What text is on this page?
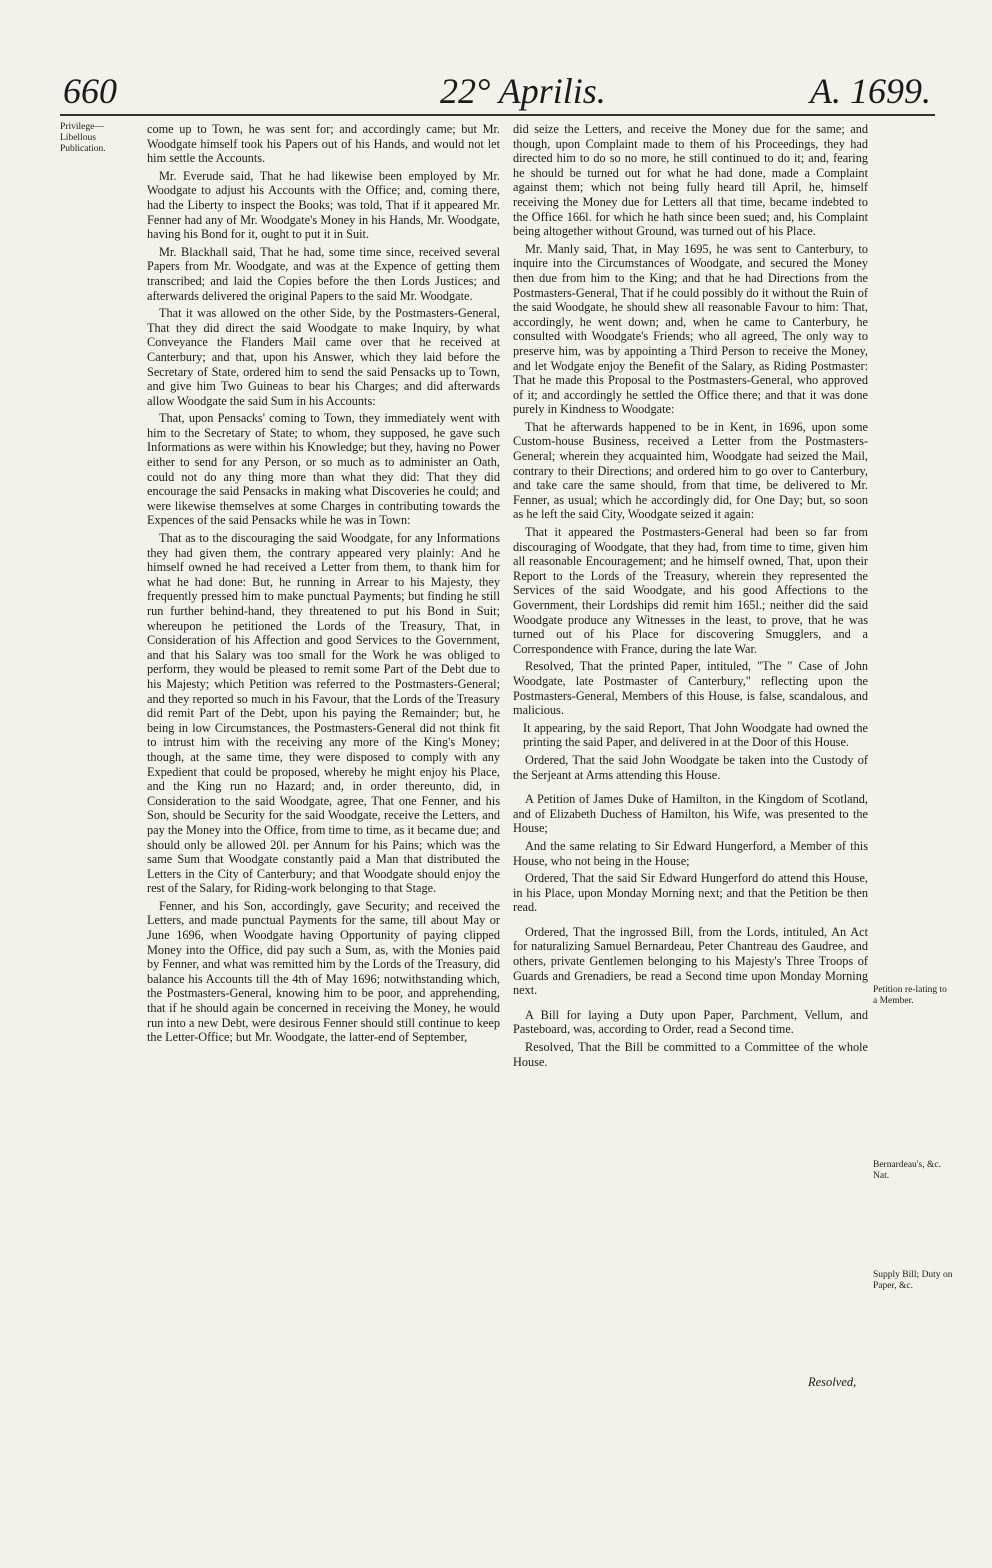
660	22° Aprilis.	A. 1699.
Privilege— Libellous Publication.
Petition re-lating to a Member.
Bernardeau's, &c. Nat.
Supply Bill; Duty on Paper, &c.

come up to Town, he was sent for; and accordingly came; but Mr. Woodgate himself took his Papers out of his Hands, and would not let him settle the Accounts.

Mr. Everude said, That he had likewise been employed by Mr. Woodgate to adjust his Accounts with the Office; and, coming there, had the Liberty to inspect the Books; was told, That if it appeared Mr. Fenner had any of Mr. Woodgate's Money in his Hands, Mr. Woodgate, having his Bond for it, ought to put it in Suit.

Mr. Blackhall said, That he had, some time since, received several Papers from Mr. Woodgate, and was at the Expence of getting them transcribed; and laid the Copies before the then Lords Justices; and afterwards delivered the original Papers to the said Mr. Woodgate.

That it was allowed on the other Side, by the Postmasters-General, That they did direct the said Woodgate to make Inquiry, by what Conveyance the Flanders Mail came over that he received at Canterbury; and that, upon his Answer, which they laid before the Secretary of State, ordered him to send the said Pensacks up to Town, and give him Two Guineas to bear his Charges; and did afterwards allow Woodgate the said Sum in his Accounts:

That, upon Pensacks' coming to Town, they immediately went with him to the Secretary of State; to whom, they supposed, he gave such Informations as were within his Knowledge; but they, having no Power either to send for any Person, or so much as to administer an Oath, could not do any thing more than what they did: That they did encourage the said Pensacks in making what Discoveries he could; and were likewise themselves at some Charges in contributing towards the Expences of the said Pensacks while he was in Town:

That as to the discouraging the said Woodgate, for any Informations they had given them, the contrary appeared very plainly: And he himself owned he had received a Letter from them, to thank him for what he had done: But, he running in Arrear to his Majesty, they frequently pressed him to make punctual Payments; but finding he still run further behind-hand, they threatened to put his Bond in Suit; whereupon he petitioned the Lords of the Treasury, That, in Consideration of his Affection and good Services to the Government, and that his Salary was too small for the Work he was obliged to perform, they would be pleased to remit some Part of the Debt due to his Majesty; which Petition was referred to the Postmasters-General; and they reported so much in his Favour, that the Lords of the Treasury did remit Part of the Debt, upon his paying the Remainder; but, he being in low Circumstances, the Postmasters-General did not think fit to intrust him with the receiving any more of the King's Money; though, at the same time, they were disposed to comply with any Expedient that could be proposed, whereby he might enjoy his Place, and the King run no Hazard; and, in order thereunto, did, in Consideration to the said Woodgate, agree, That one Fenner, and his Son, should be Security for the said Woodgate, receive the Letters, and pay the Money into the Office, from time to time, as it became due; and should only be allowed 20l. per Annum for his Pains; which was the same Sum that Woodgate constantly paid a Man that distributed the Letters in the City of Canterbury; and that Woodgate should enjoy the rest of the Salary, for Riding-work belonging to that Stage.

Fenner, and his Son, accordingly, gave Security; and received the Letters, and made punctual Payments for the same, till about May or June 1696, when Woodgate having Opportunity of paying clipped Money into the Office, did pay such a Sum, as, with the Monies paid by Fenner, and what was remitted him by the Lords of the Treasury, did balance his Accounts till the 4th of May 1696; notwithstanding which, the Postmasters-General, knowing him to be poor, and apprehending, that if he should again be concerned in receiving the Money, he would run into a new Debt, were desirous Fenner should still continue to keep the Letter-Office; but Mr. Woodgate, the latter-end of September,

did seize the Letters, and receive the Money due for the same; and though, upon Complaint made to them of his Proceedings, they had directed him to do so no more, he still continued to do it; and, fearing he should be turned out for what he had done, made a Complaint against them; which not being fully heard till April, he, himself receiving the Money due for Letters all that time, became indebted to the Office 166l. for which he hath since been sued; and, his Complaint being altogether without Ground, was turned out of his Place.

Mr. Manly said, That, in May 1695, he was sent to Canterbury, to inquire into the Circumstances of Woodgate, and secured the Money then due from him to the King; and that he had Directions from the Postmasters-General, That if he could possibly do it without the Ruin of the said Woodgate, he should shew all reasonable Favour to him: That, accordingly, he went down; and, when he came to Canterbury, he consulted with Woodgate's Friends; who all agreed, The only way to preserve him, was by appointing a Third Person to receive the Money, and let Wodgate enjoy the Benefit of the Salary, as Riding Postmaster: That he made this Proposal to the Postmasters-General, who approved of it; and accordingly he settled the Office there; and that it was done purely in Kindness to Woodgate:

That he afterwards happened to be in Kent, in 1696, upon some Custom-house Business, received a Letter from the Postmasters-General; wherein they acquainted him, Woodgate had seized the Mail, contrary to their Directions; and ordered him to go over to Canterbury, and take care the same should, from that time, be delivered to Mr. Fenner, as usual; which he accordingly did, for One Day; but, so soon as he left the said City, Woodgate seized it again:

That it appeared the Postmasters-General had been so far from discouraging of Woodgate, that they had, from time to time, given him all reasonable Encouragement; and he himself owned, That, upon their Report to the Lords of the Treasury, wherein they represented the Services of the said Woodgate, and his good Affections to the Government, their Lordships did remit him 165l.; neither did the said Woodgate produce any Witnesses in the least, to prove, that he was turned out of his Place for discovering Smugglers, and a Correspondence with France, during the late War.

Resolved, That the printed Paper, intituled, "The " Case of John Woodgate, late Postmaster of Canterbury," reflecting upon the Postmasters-General, Members of this House, is false, scandalous, and malicious.

It appearing, by the said Report, That John Woodgate had owned the printing the said Paper, and delivered in at the Door of this House.

Ordered, That the said John Woodgate be taken into the Custody of the Serjeant at Arms attending this House.

A Petition of James Duke of Hamilton, in the Kingdom of Scotland, and of Elizabeth Duchess of Hamilton, his Wife, was presented to the House;

And the same relating to Sir Edward Hungerford, a Member of this House, who not being in the House;

Ordered, That the said Sir Edward Hungerford do attend this House, in his Place, upon Monday Morning next; and that the Petition be then read.

Ordered, That the ingrossed Bill, from the Lords, intituled, An Act for naturalizing Samuel Bernardeau, Peter Chantreau des Gaudree, and others, private Gentlemen belonging to his Majesty's Three Troops of Guards and Grenadiers, be read a Second time upon Monday Morning next.

A Bill for laying a Duty upon Paper, Parchment, Vellum, and Pasteboard, was, according to Order, read a Second time.

Resolved, That the Bill be committed to a Committee of the whole House.

Resolved,
